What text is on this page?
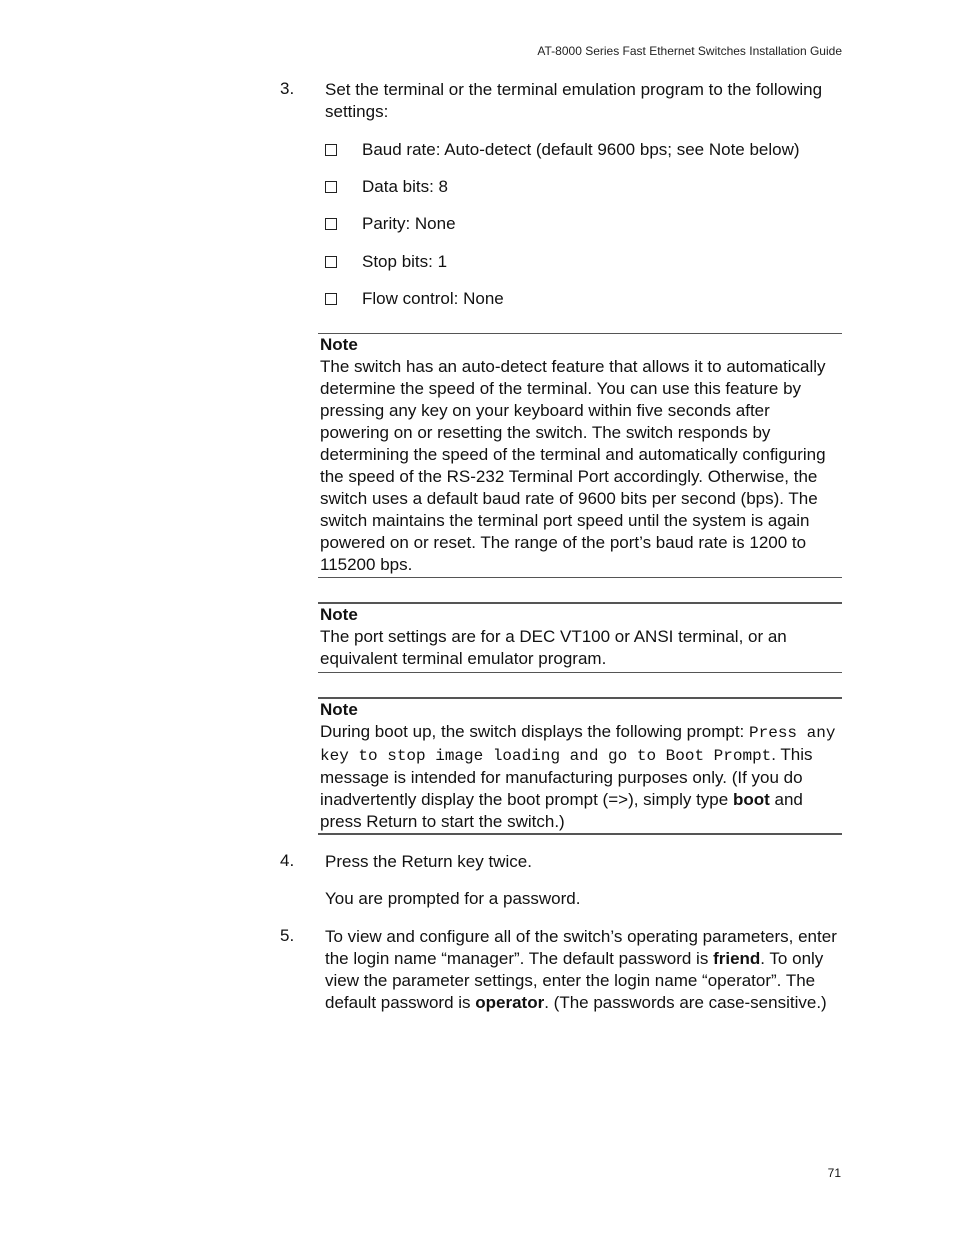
AT-8000 Series Fast Ethernet Switches Installation Guide
3. Set the terminal or the terminal emulation program to the following settings:
Baud rate: Auto-detect (default 9600 bps; see Note below)
Data bits: 8
Parity: None
Stop bits: 1
Flow control: None
Note
The switch has an auto-detect feature that allows it to automatically determine the speed of the terminal. You can use this feature by pressing any key on your keyboard within five seconds after powering on or resetting the switch. The switch responds by determining the speed of the terminal and automatically configuring the speed of the RS-232 Terminal Port accordingly. Otherwise, the switch uses a default baud rate of 9600 bits per second (bps). The switch maintains the terminal port speed until the system is again powered on or reset. The range of the port’s baud rate is 1200 to 115200 bps.
Note
The port settings are for a DEC VT100 or ANSI terminal, or an equivalent terminal emulator program.
Note
During boot up, the switch displays the following prompt: Press any key to stop image loading and go to Boot Prompt. This message is intended for manufacturing purposes only. (If you do inadvertently display the boot prompt (=>), simply type boot and press Return to start the switch.)
4. Press the Return key twice.
You are prompted for a password.
5. To view and configure all of the switch’s operating parameters, enter the login name “manager”. The default password is friend. To only view the parameter settings, enter the login name “operator”. The default password is operator. (The passwords are case-sensitive.)
71
